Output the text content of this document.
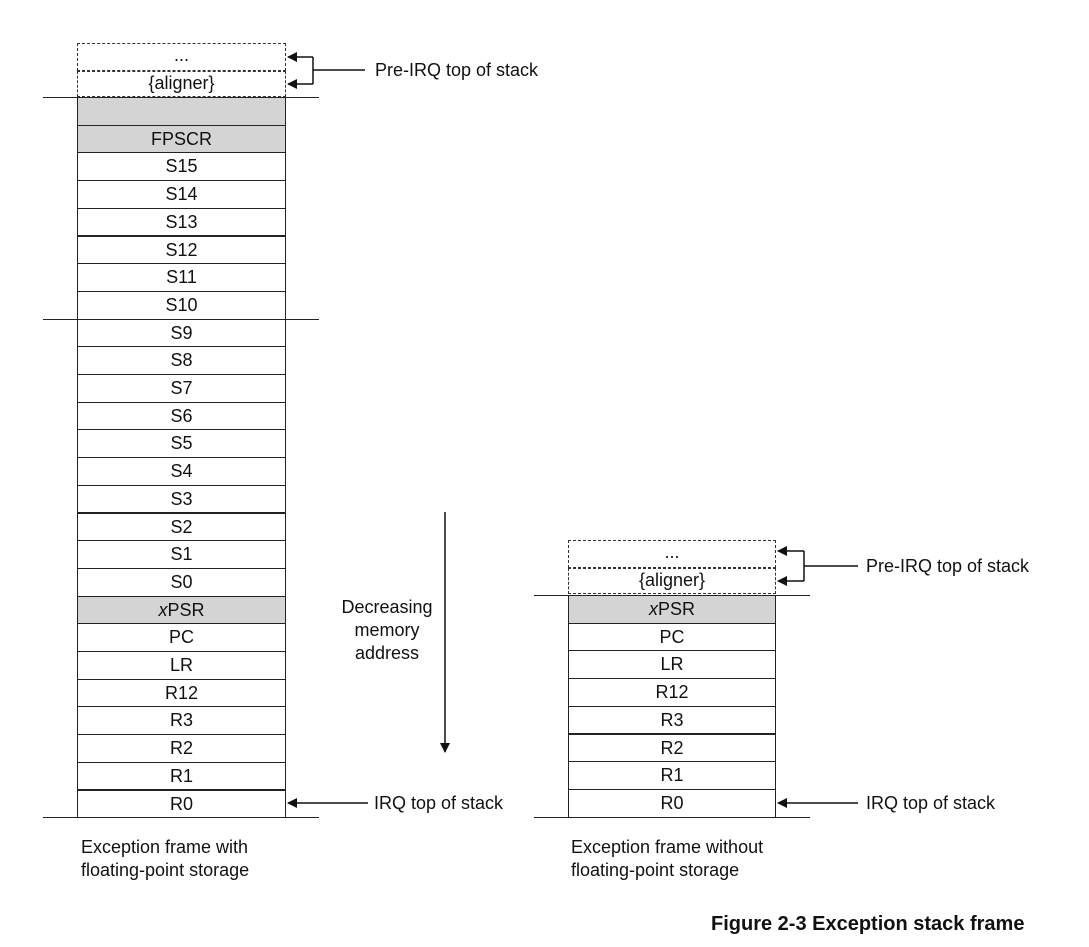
...
{aligner}
FPSCR
S15
S14
S13
S12
S11
S10
S9
S8
S7
S6
S5
S4
S3
S2
S1
S0
xPSR
PC
LR
R12
R3
R2
R1
R0
Pre-IRQ top of stack
IRQ top of stack
Exception frame with
floating-point storage
Decreasing
memory
address
...
{aligner}
xPSR
PC
LR
R12
R3
R2
R1
R0
Pre-IRQ top of stack
IRQ top of stack
Exception frame without
floating-point storage
Figure 2-3 Exception stack frame
